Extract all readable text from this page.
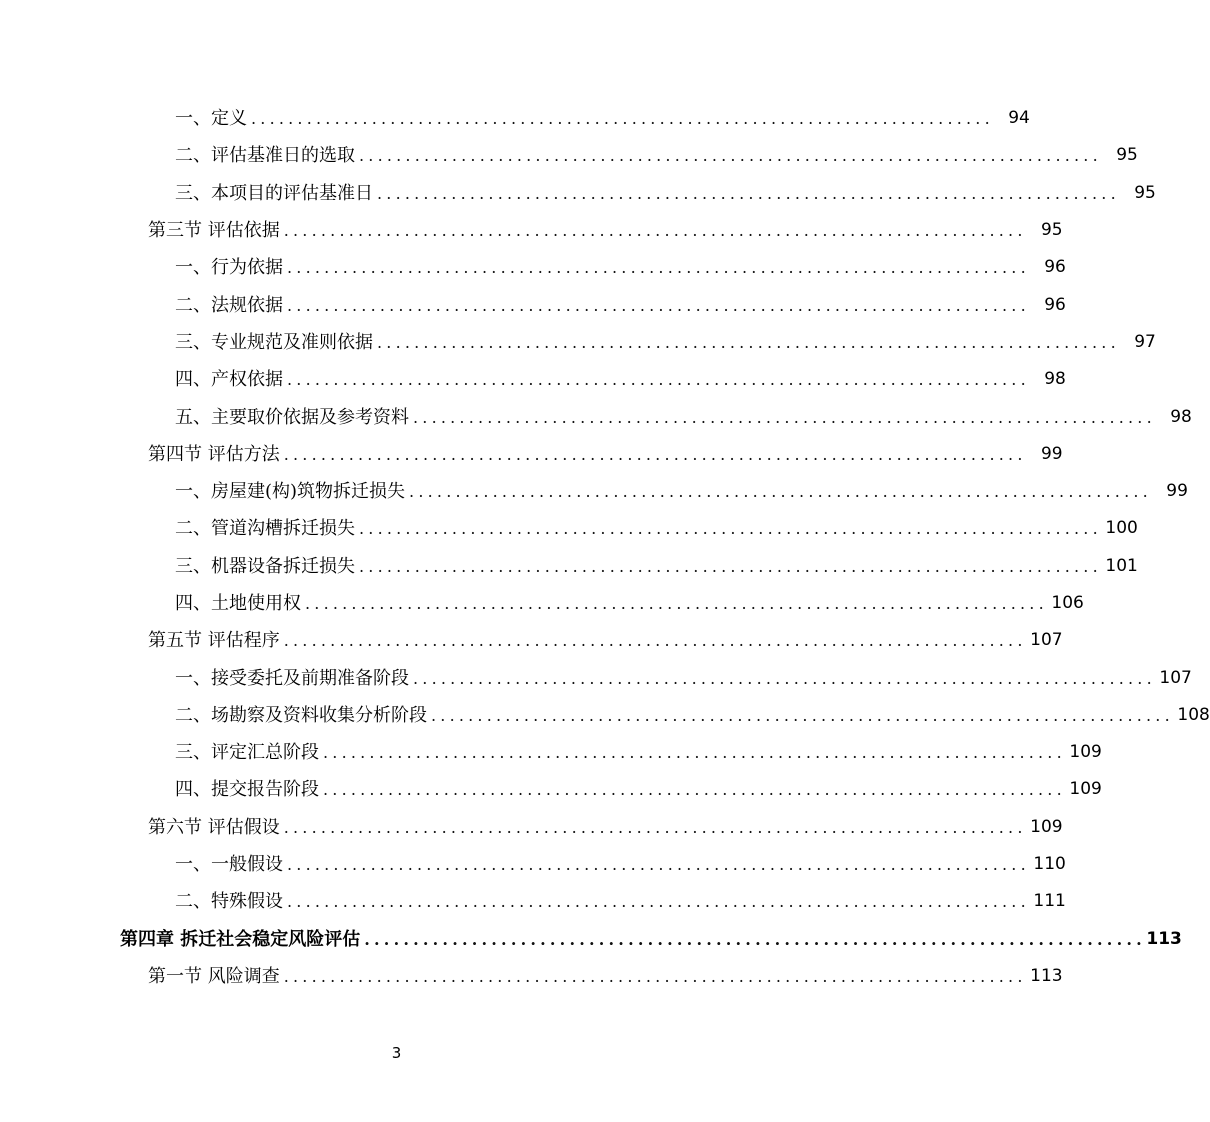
一、定义 ................................................................................ 94
二、评估基准日的选取 ................................................................................ 95
三、本项目的评估基准日 ................................................................................ 95
第三节 评估依据 ................................................................................ 95
一、行为依据 ................................................................................ 96
二、法规依据 ................................................................................ 96
三、专业规范及准则依据 ................................................................................ 97
四、产权依据 ................................................................................ 98
五、主要取价依据及参考资料 ................................................................................ 98
第四节 评估方法 ................................................................................ 99
一、房屋建(构)筑物拆迁损失 ................................................................................ 99
二、管道沟槽拆迁损失 ................................................................................ 100
三、机器设备拆迁损失 ................................................................................ 101
四、土地使用权 ................................................................................ 106
第五节 评估程序 ................................................................................ 107
一、接受委托及前期准备阶段 ................................................................................ 107
二、场勘察及资料收集分析阶段 ................................................................................ 108
三、评定汇总阶段 ................................................................................ 109
四、提交报告阶段 ................................................................................ 109
第六节 评估假设 ................................................................................ 109
一、一般假设 ................................................................................ 110
二、特殊假设 ................................................................................ 111
第四章 拆迁社会稳定风险评估 ................................................................................ 113
第一节 风险调查 ................................................................................ 113
3
